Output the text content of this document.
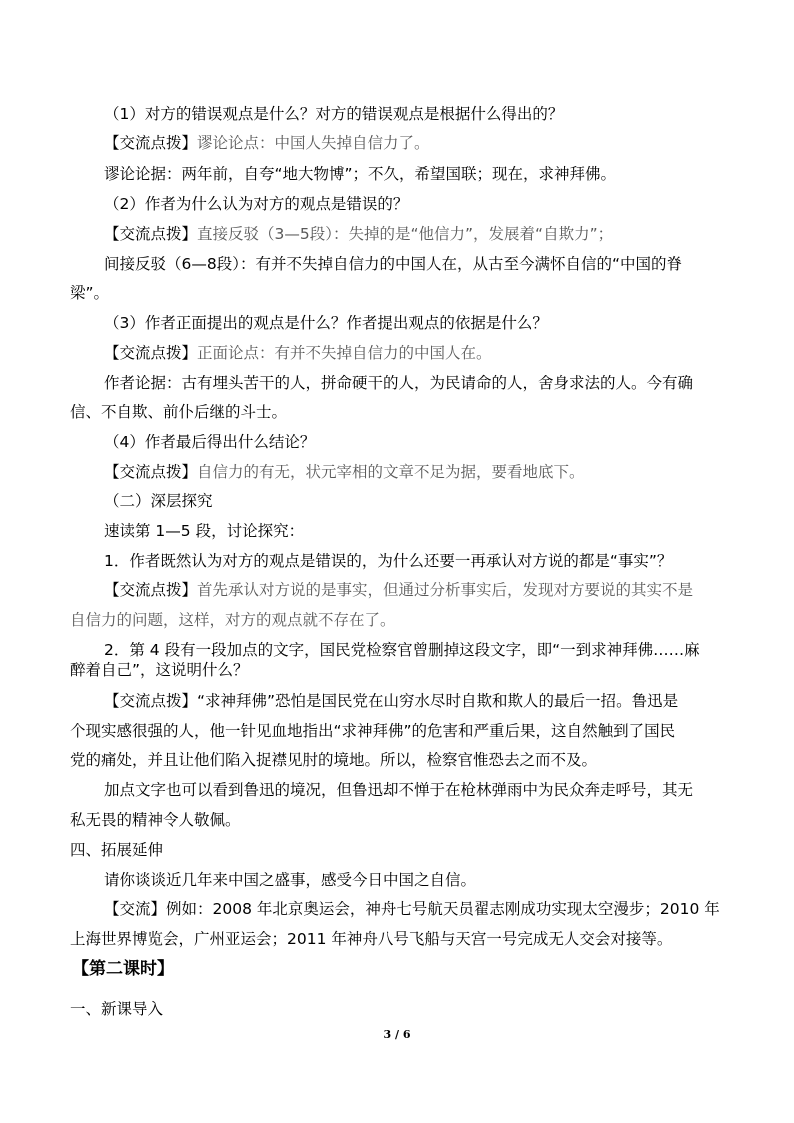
（1）对方的错误观点是什么？对方的错误观点是根据什么得出的？
【交流点拨】谬论论点：中国人失掉自信力了。
谬论论据：两年前，自夸“地大物博”；不久，希望国联；现在，求神拜佛。
（2）作者为什么认为对方的观点是错误的？
【交流点拨】直接反驳（3—5段）：失掉的是“他信力”，发展着“自欺力”；
间接反驳（6—8段）：有并不失掉自信力的中国人在，从古至今满怀自信的“中国的脊
梁”。
（3）作者正面提出的观点是什么？作者提出观点的依据是什么？
【交流点拨】正面论点：有并不失掉自信力的中国人在。
作者论据：古有埋头苦干的人，拼命硬干的人，为民请命的人，舍身求法的人。今有确
信、不自欺、前仆后继的斗士。
（4）作者最后得出什么结论？
【交流点拨】自信力的有无，状元宰相的文章不足为据，要看地底下。
（二）深层探究
速读第 1—5 段，讨论探究：
1．作者既然认为对方的观点是错误的，为什么还要一再承认对方说的都是“事实”？
【交流点拨】首先承认对方说的是事实，但通过分析事实后，发现对方要说的其实不是
自信力的问题，这样，对方的观点就不存在了。
2．第 4 段有一段加点的文字，国民党检察官曾删掉这段文字，即“一到求神拜佛……麻
醉着自己”，这说明什么？
【交流点拨】“求神拜佛”恐怕是国民党在山穷水尽时自欺和欺人的最后一招。鲁迅是
个现实感很强的人，他一针见血地指出“求神拜佛”的危害和严重后果，这自然触到了国民
党的痛处，并且让他们陷入捉襟见肘的境地。所以，检察官惟恐去之而不及。
加点文字也可以看到鲁迅的境况，但鲁迅却不惮于在枪林弹雨中为民众奔走呼号，其无
私无畏的精神令人敬佩。
四、拓展延伸
请你谈谈近几年来中国之盛事，感受今日中国之自信。
【交流】例如：2008 年北京奥运会，神舟七号航天员翟志刚成功实现太空漫步；2010 年
上海世界博览会，广州亚运会；2011 年神舟八号飞船与天宫一号完成无人交会对接等。
【第二课时】
一、新课导入
3 / 6
